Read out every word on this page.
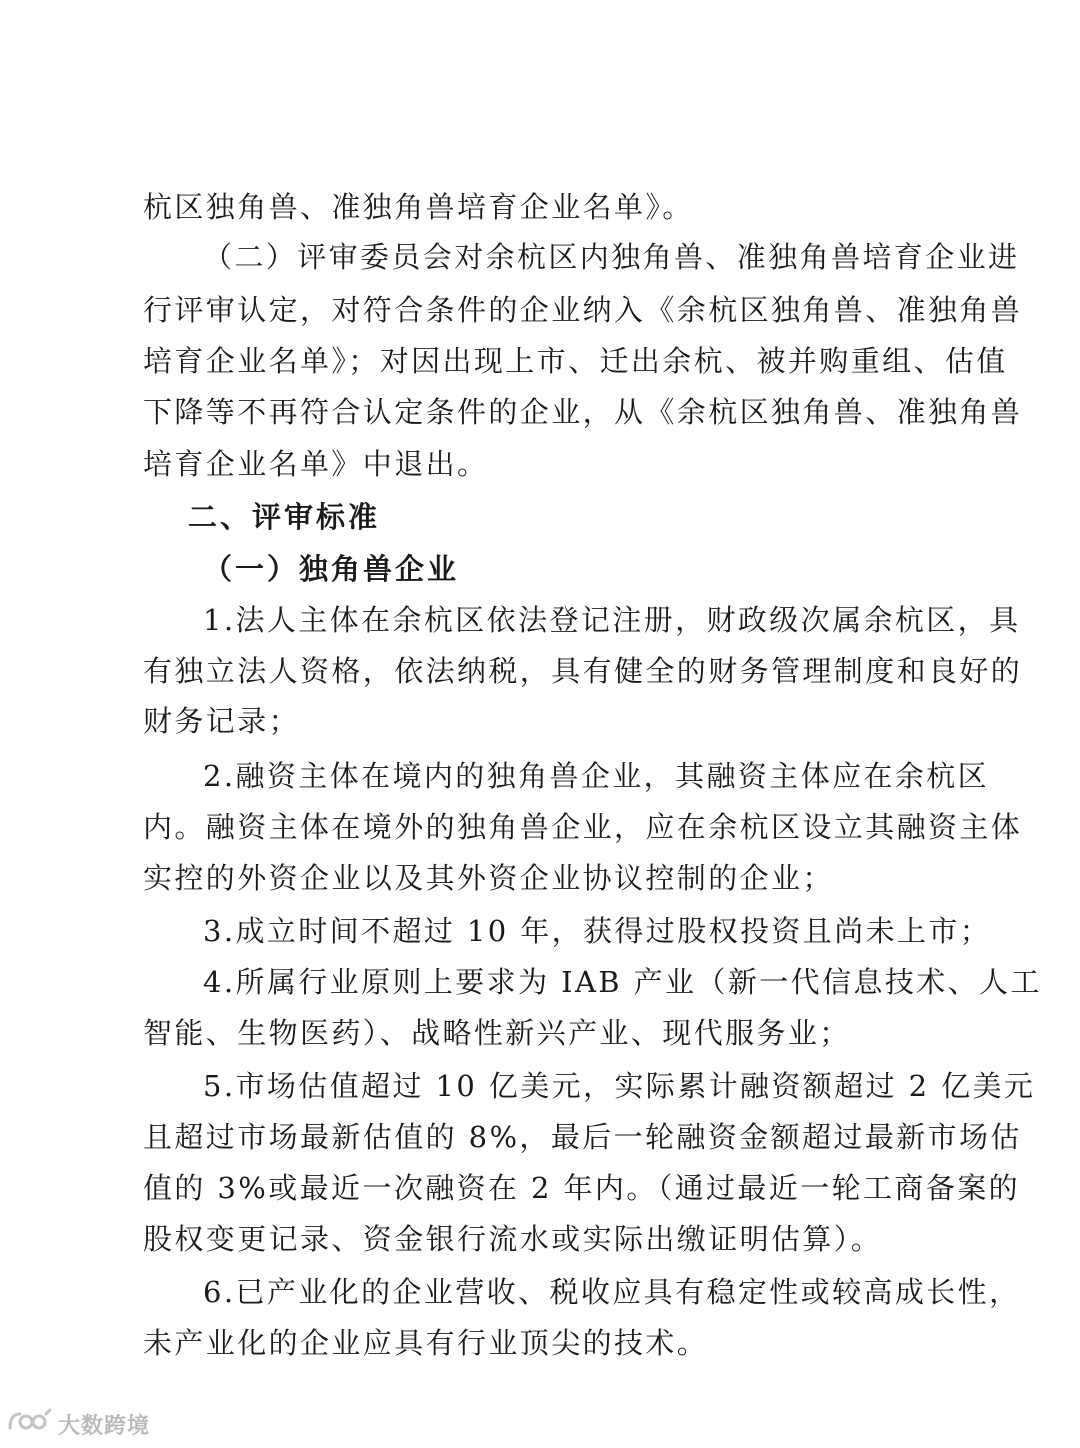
杭区独角兽、准独角兽培育企业名单》。
（二）评审委员会对余杭区内独角兽、准独角兽培育企业进
行评审认定，对符合条件的企业纳入《余杭区独角兽、准独角兽
培育企业名单》；对因出现上市、迁出余杭、被并购重组、估值
下降等不再符合认定条件的企业，从《余杭区独角兽、准独角兽
培育企业名单》中退出。
二、评审标准
（一）独角兽企业
1.法人主体在余杭区依法登记注册，财政级次属余杭区，具
有独立法人资格，依法纳税，具有健全的财务管理制度和良好的
财务记录；
2.融资主体在境内的独角兽企业，其融资主体应在余杭区
内。融资主体在境外的独角兽企业，应在余杭区设立其融资主体
实控的外资企业以及其外资企业协议控制的企业；
3.成立时间不超过 10 年，获得过股权投资且尚未上市；
4.所属行业原则上要求为 IAB 产业（新一代信息技术、人工
智能、生物医药）、战略性新兴产业、现代服务业；
5.市场估值超过 10 亿美元，实际累计融资额超过 2 亿美元
且超过市场最新估值的 8%，最后一轮融资金额超过最新市场估
值的 3%或最近一次融资在 2 年内。（通过最近一轮工商备案的
股权变更记录、资金银行流水或实际出缴证明估算）。
6.已产业化的企业营收、税收应具有稳定性或较高成长性，
未产业化的企业应具有行业顶尖的技术。
大数跨境
